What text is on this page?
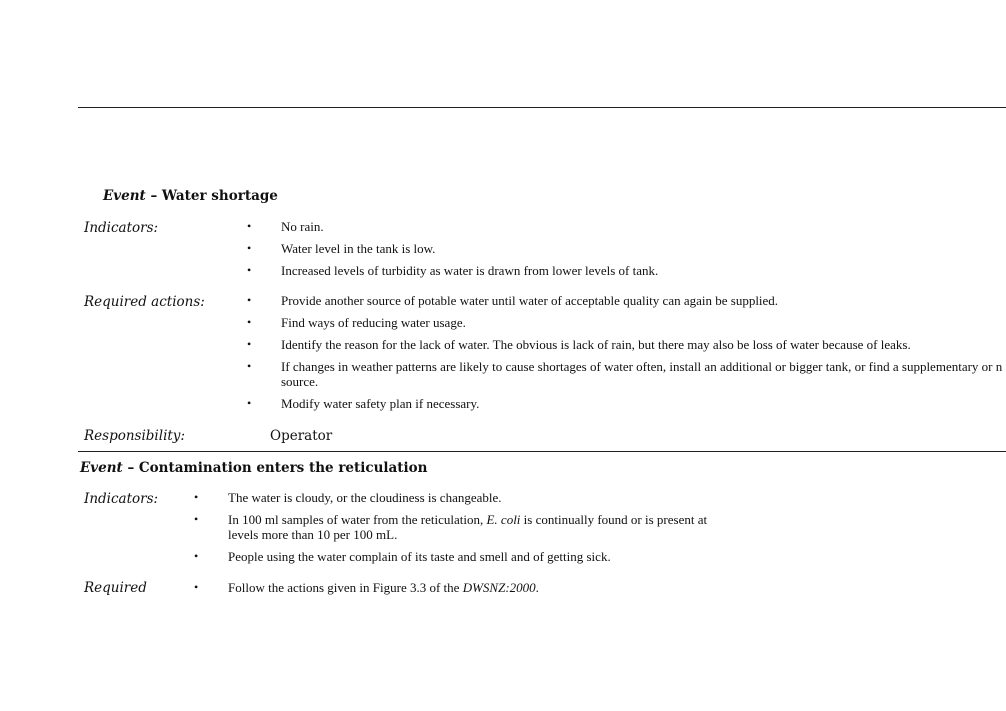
Event – Water shortage
Indicators:	• No rain.
• Water level in the tank is low.
• Increased levels of turbidity as water is drawn from lower levels of tank.
Required actions:	• Provide another source of potable water until water of acceptable quality can again be supplied.
• Find ways of reducing water usage.
• Identify the reason for the lack of water. The obvious is lack of rain, but there may also be loss of water because of leaks.
• If changes in weather patterns are likely to cause shortages of water often, install an additional or bigger tank, or find a supplementary or n
source.
• Modify water safety plan if necessary.
Responsibility:	Operator
Event – Contamination enters the reticulation
Indicators:	• The water is cloudy, or the cloudiness is changeable.
• In 100 ml samples of water from the reticulation, E. coli is continually found or is present at
levels more than 10 per 100 mL.
• People using the water complain of its taste and smell and of getting sick.
Required	• Follow the actions given in Figure 3.3 of the DWSNZ:2000.
